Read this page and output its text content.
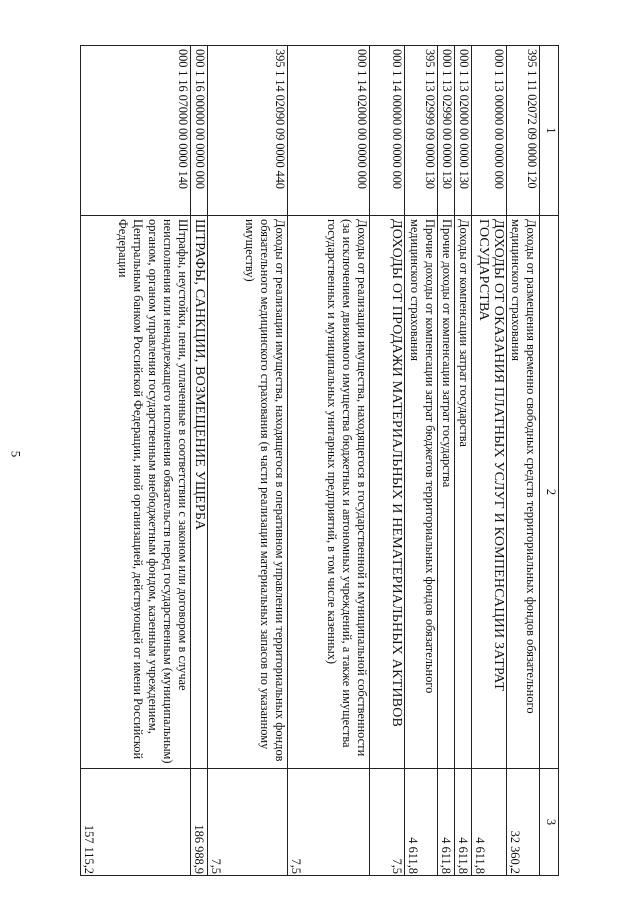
5
1	2	3
395 1 11 02072 09 0000 120	Доходы от размещения временно свободных средств территориальных фондов обязательного медицинского страхования	32 360,2
000 1 13 00000 00 0000 000	ДОХОДЫ ОТ ОКАЗАНИЯ ПЛАТНЫХ УСЛУГ И КОМПЕНСАЦИИ ЗАТРАТ ГОСУДАРСТВА	4 611,8
000 1 13 02000 00 0000 130	Доходы от компенсации затрат государства	4 611,8
000 1 13 02990 00 0000 130	Прочие доходы от компенсации затрат государства	4 611,8
395 1 13 02999 09 0000 130	Прочие доходы от компенсации затрат бюджетов территориальных фондов обязательного медицинского страхования	4 611,8
000 1 14 00000 00 0000 000	ДОХОДЫ ОТ ПРОДАЖИ МАТЕРИАЛЬНЫХ И НЕМАТЕРИАЛЬНЫХ АКТИВОВ	7,5
000 1 14 02000 00 0000 000	Доходы от реализации имущества, находящегося в государственной и муниципальной собственности (за исключением движимого имущества бюджетных и автономных учреждений, а также имущества государственных и муниципальных унитарных предприятий, в том числе казенных)	7,5
395 1 14 02090 09 0000 440	Доходы от реализации имущества, находящегося в оперативном управлении территориальных фондов обязательного медицинского страхования (в части реализации материальных запасов по указанному имуществу)	7,5
000 1 16 00000 00 0000 000	ШТРАФЫ, САНКЦИИ, ВОЗМЕЩЕНИЕ УЩЕРБА	186 988,9
000 1 16 07000 00 0000 140	Штрафы, неустойки, пени, уплаченные в соответствии с законом или договором в случае неисполнения или ненадлежащего исполнения обязательств перед государственным (муниципальным) органом, органом управления государственным внебюджетным фондом, казенным учреждением, Центральным банком Российской Федерации, иной организацией, действующей от имени Российской Федерации	157 115,2
